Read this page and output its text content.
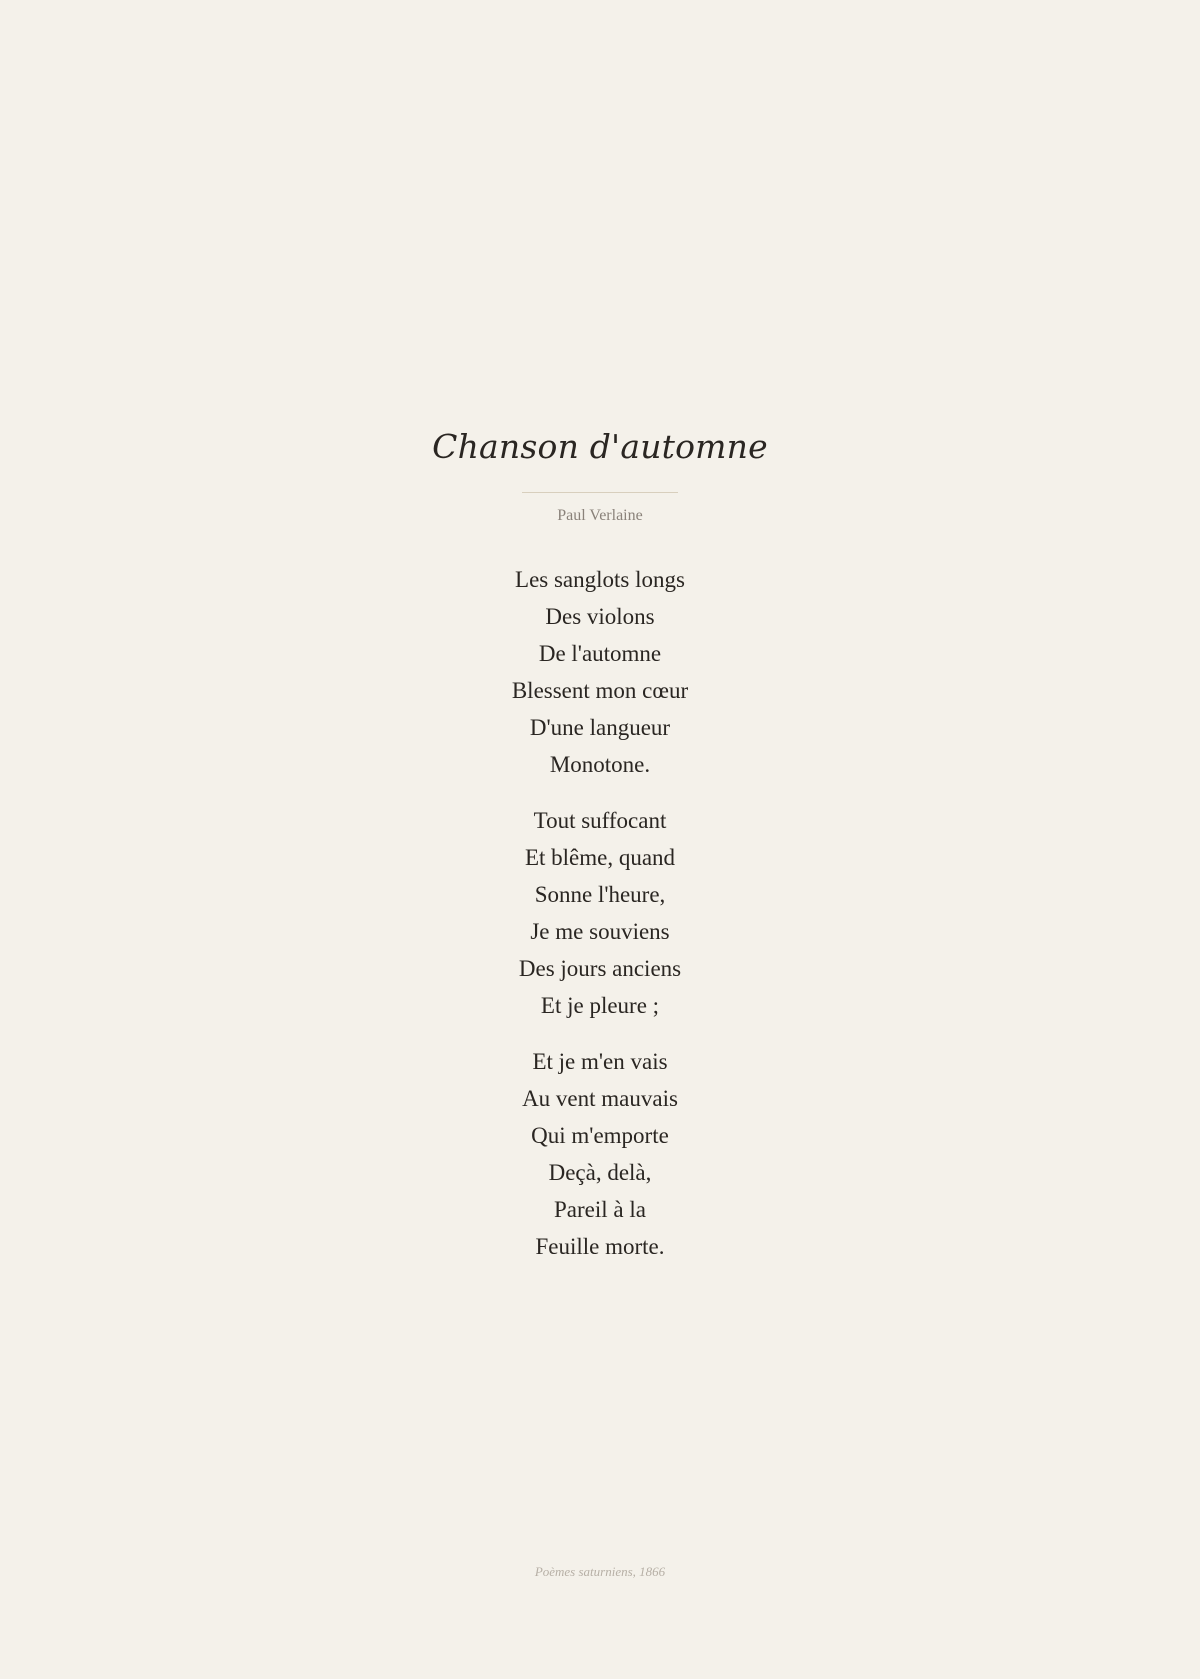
Chanson d'automne
Paul Verlaine
Les sanglots longs
Des violons
De l'automne
Blessent mon cœur
D'une langueur
Monotone.
Tout suffocant
Et blême, quand
Sonne l'heure,
Je me souviens
Des jours anciens
Et je pleure ;
Et je m'en vais
Au vent mauvais
Qui m'emporte
Deçà, delà,
Pareil à la
Feuille morte.
Poèmes saturniens, 1866
